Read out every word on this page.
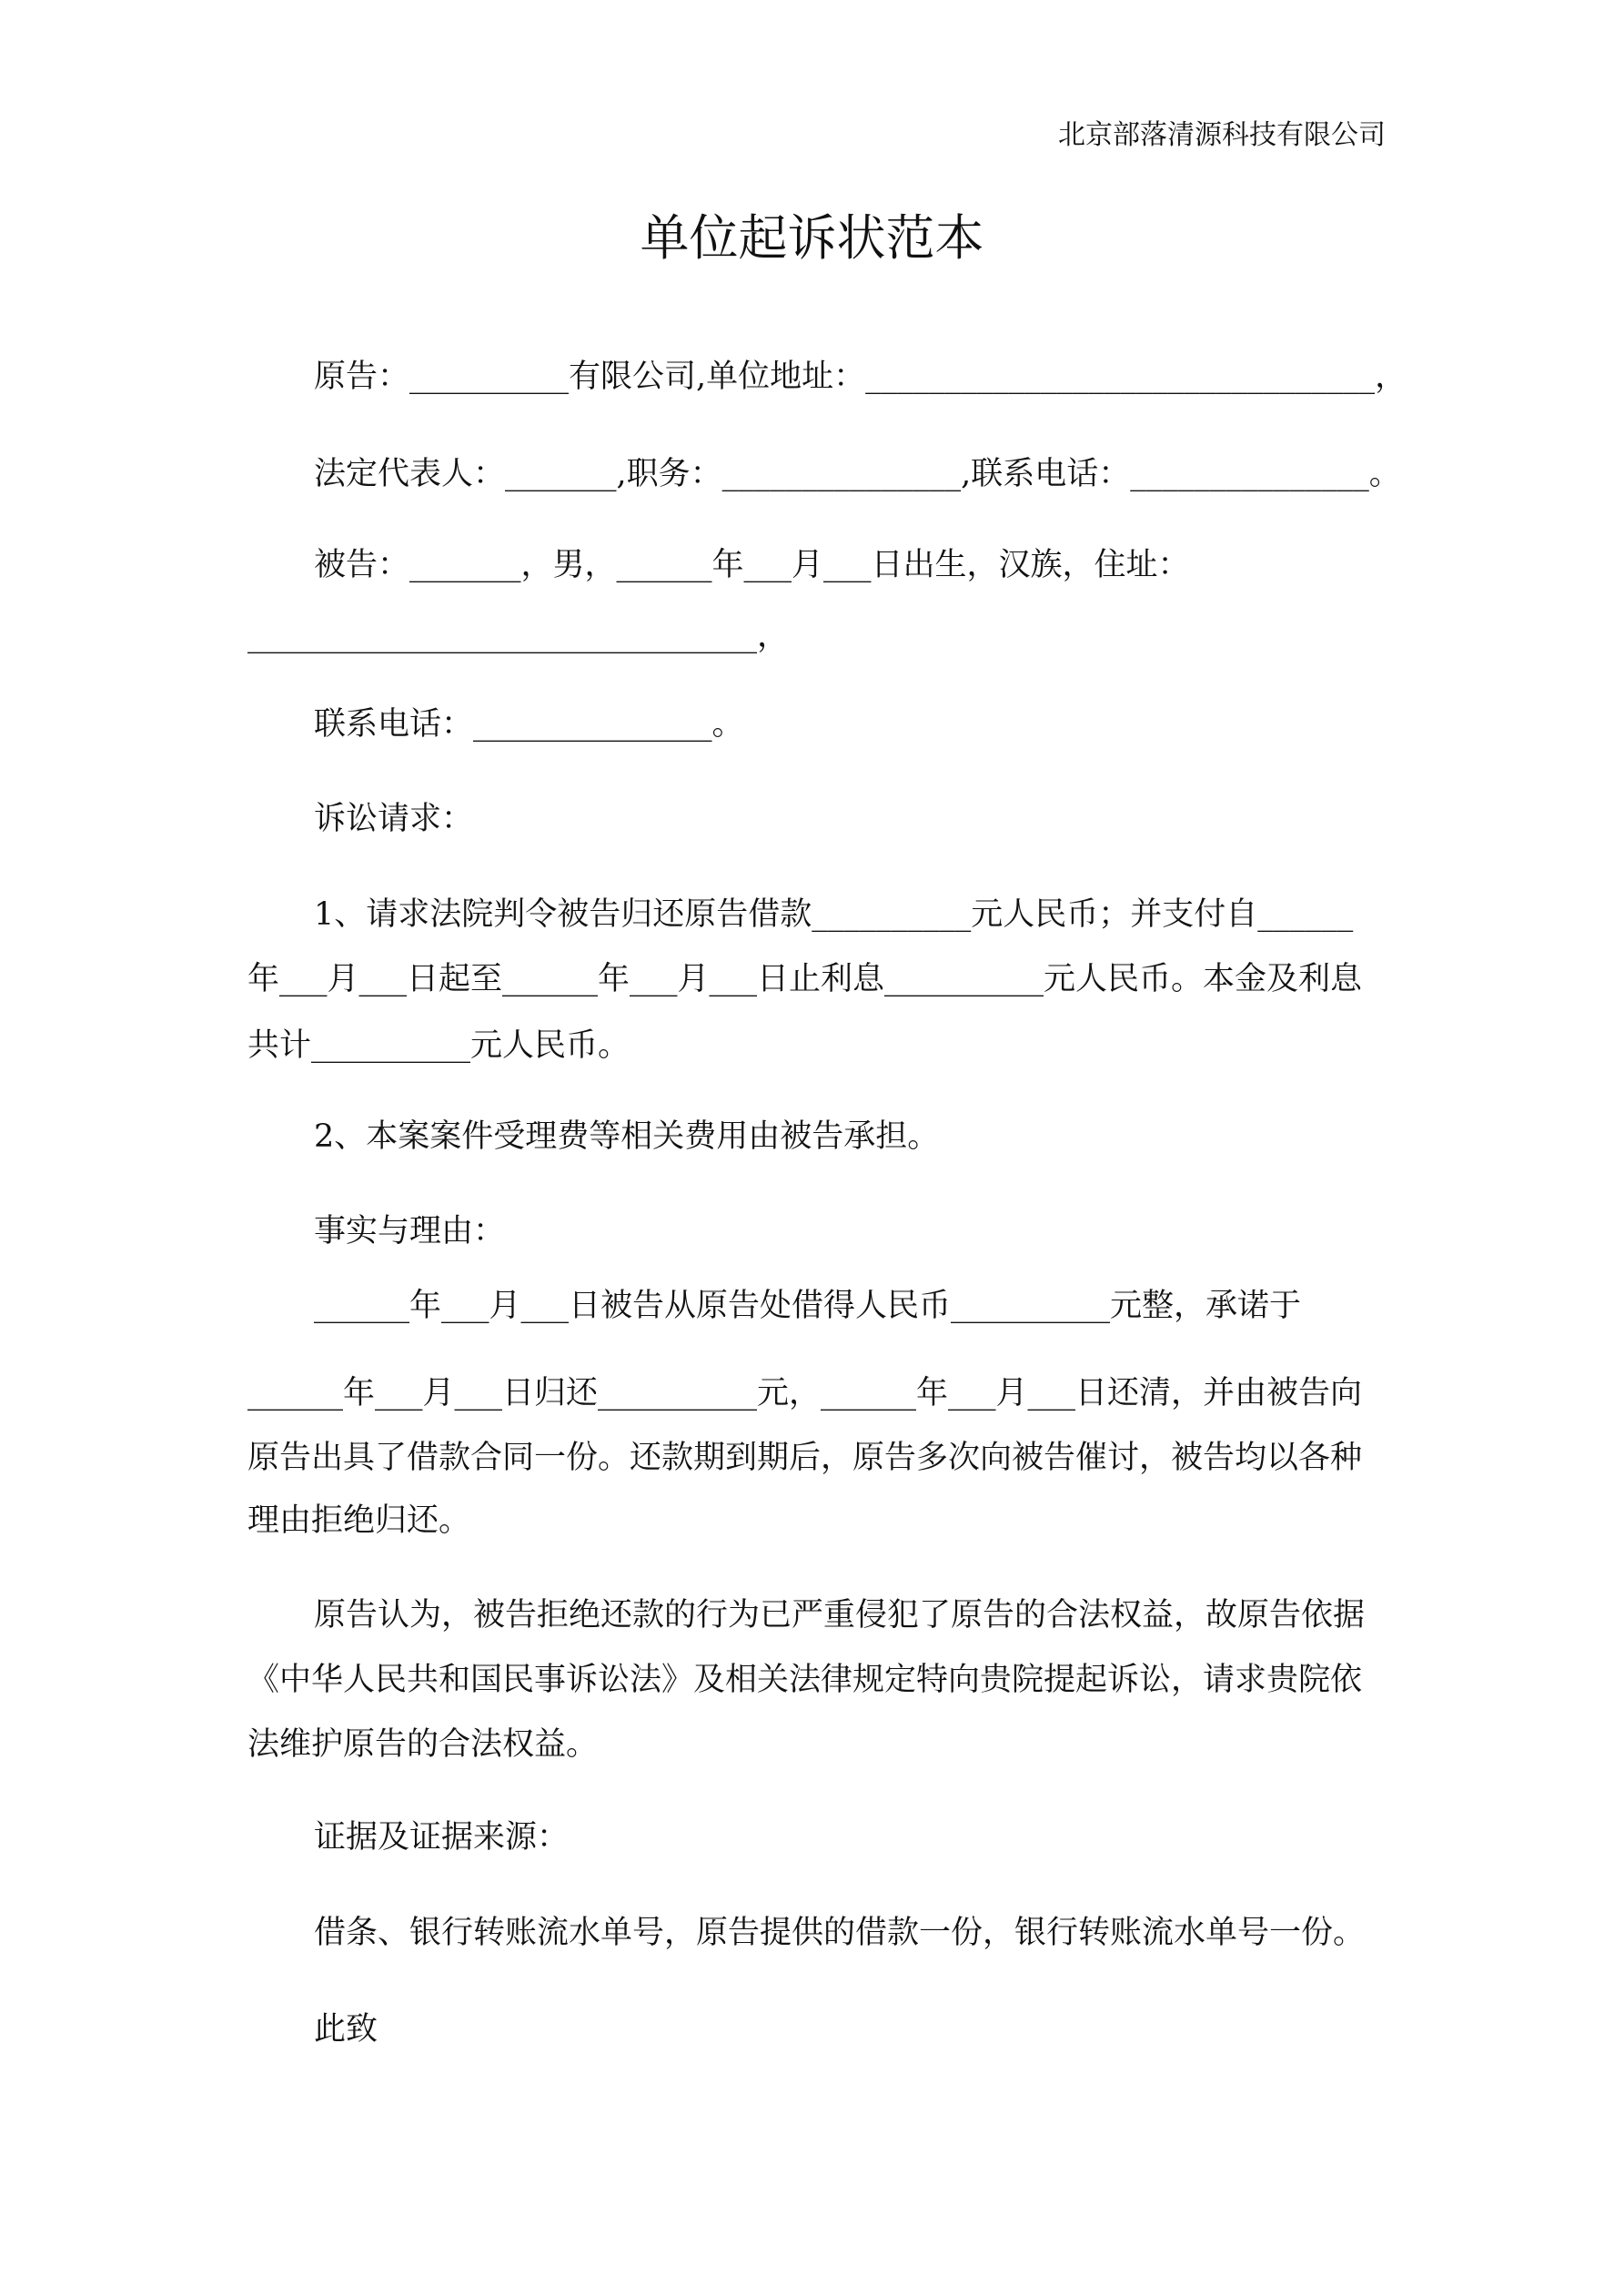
北京部落清源科技有限公司
单位起诉状范本
原告：__________有限公司,单位地址：________________________________，
法定代表人：_______,职务：_______________,联系电话：_______________。
被告：_______，男，______年___月___日出生，汉族，住址：
________________________________，
联系电话：_______________。
诉讼请求：
1、请求法院判令被告归还原告借款__________元人民币；并支付自______
年___月___日起至______年___月___日止利息__________元人民币。本金及利息
共计__________元人民币。
2、本案案件受理费等相关费用由被告承担。
事实与理由：
______年___月___日被告从原告处借得人民币__________元整，承诺于
______年___月___日归还__________元，______年___月___日还清，并由被告向
原告出具了借款合同一份。还款期到期后，原告多次向被告催讨，被告均以各种
理由拒绝归还。
原告认为，被告拒绝还款的行为已严重侵犯了原告的合法权益，故原告依据
《中华人民共和国民事诉讼法》及相关法律规定特向贵院提起诉讼，请求贵院依
法维护原告的合法权益。
证据及证据来源：
借条、银行转账流水单号，原告提供的借款一份，银行转账流水单号一份。
此致
